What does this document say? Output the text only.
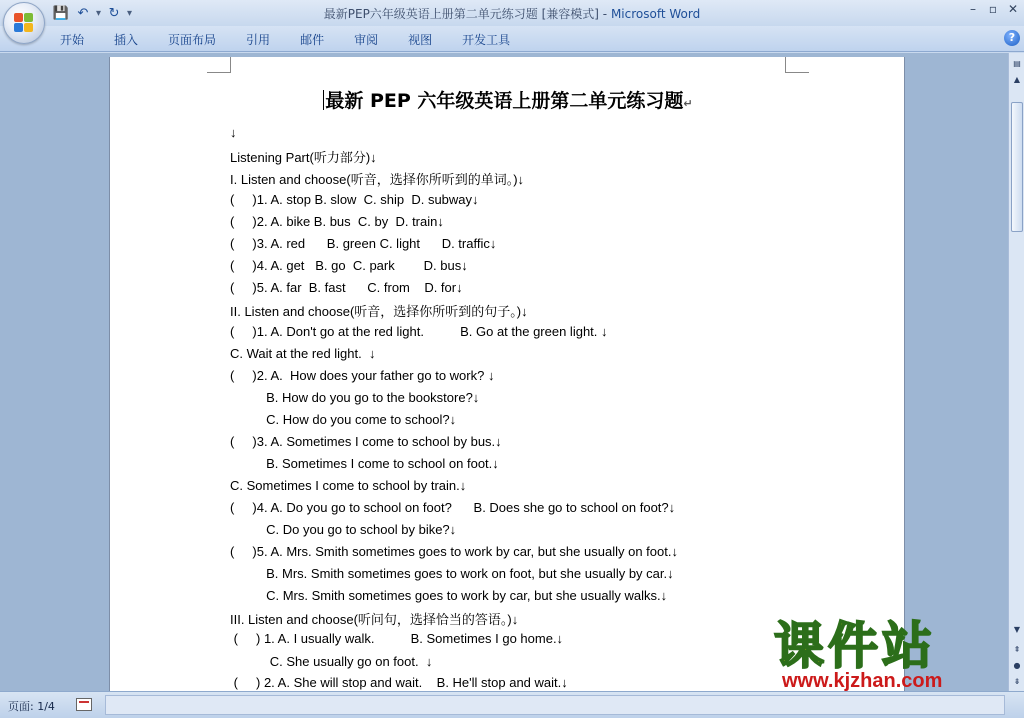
💾 ↶ ▾ ↻ ▾	最新PEP六年级英语上册第二单元练习题 [兼容模式] - Microsoft Word	–	▫ ✕
开始	插入	页面布局	引用	邮件	审阅	视图	开发工具	?
最新 PEP 六年级英语上册第二单元练习题↵
↓
Listening Part(听力部分)↓
I. Listen and choose(听音，选择你所听到的单词。)↓
(     )1. A. stop B. slow  C. ship  D. subway↓
(     )2. A. bike B. bus  C. by  D. train↓
(     )3. A. red      B. green C. light      D. traffic↓
(     )4. A. get   B. go  C. park        D. bus↓
(     )5. A. far  B. fast      C. from    D. for↓
II. Listen and choose(听音，选择你所听到的句子。)↓
(     )1. A. Don't go at the red light.          B. Go at the green light. ↓
C. Wait at the red light.  ↓
(     )2. A.  How does your father go to work? ↓
B. How do you go to the bookstore?↓
C. How do you come to school?↓
(     )3. A. Sometimes I come to school by bus.↓
B. Sometimes I come to school on foot.↓
C. Sometimes I come to school by train.↓
(     )4. A. Do you go to school on foot?      B. Does she go to school on foot?↓
C. Do you go to school by bike?↓
(     )5. A. Mrs. Smith sometimes goes to work by car, but she usually on foot.↓
B. Mrs. Smith sometimes goes to work on foot, but she usually by car.↓
C. Mrs. Smith sometimes goes to work by car, but she usually walks.↓
III. Listen and choose(听问句，选择恰当的答语。)↓
(     ) 1. A. I usually walk.          B. Sometimes I go home.↓
C. She usually go on foot.  ↓
(     ) 2. A. She will stop and wait.    B. He'll stop and wait.↓
▤
▲
▼
⇞
●
⇟
页面: 1/4
课件站
www.kjzhan.com
